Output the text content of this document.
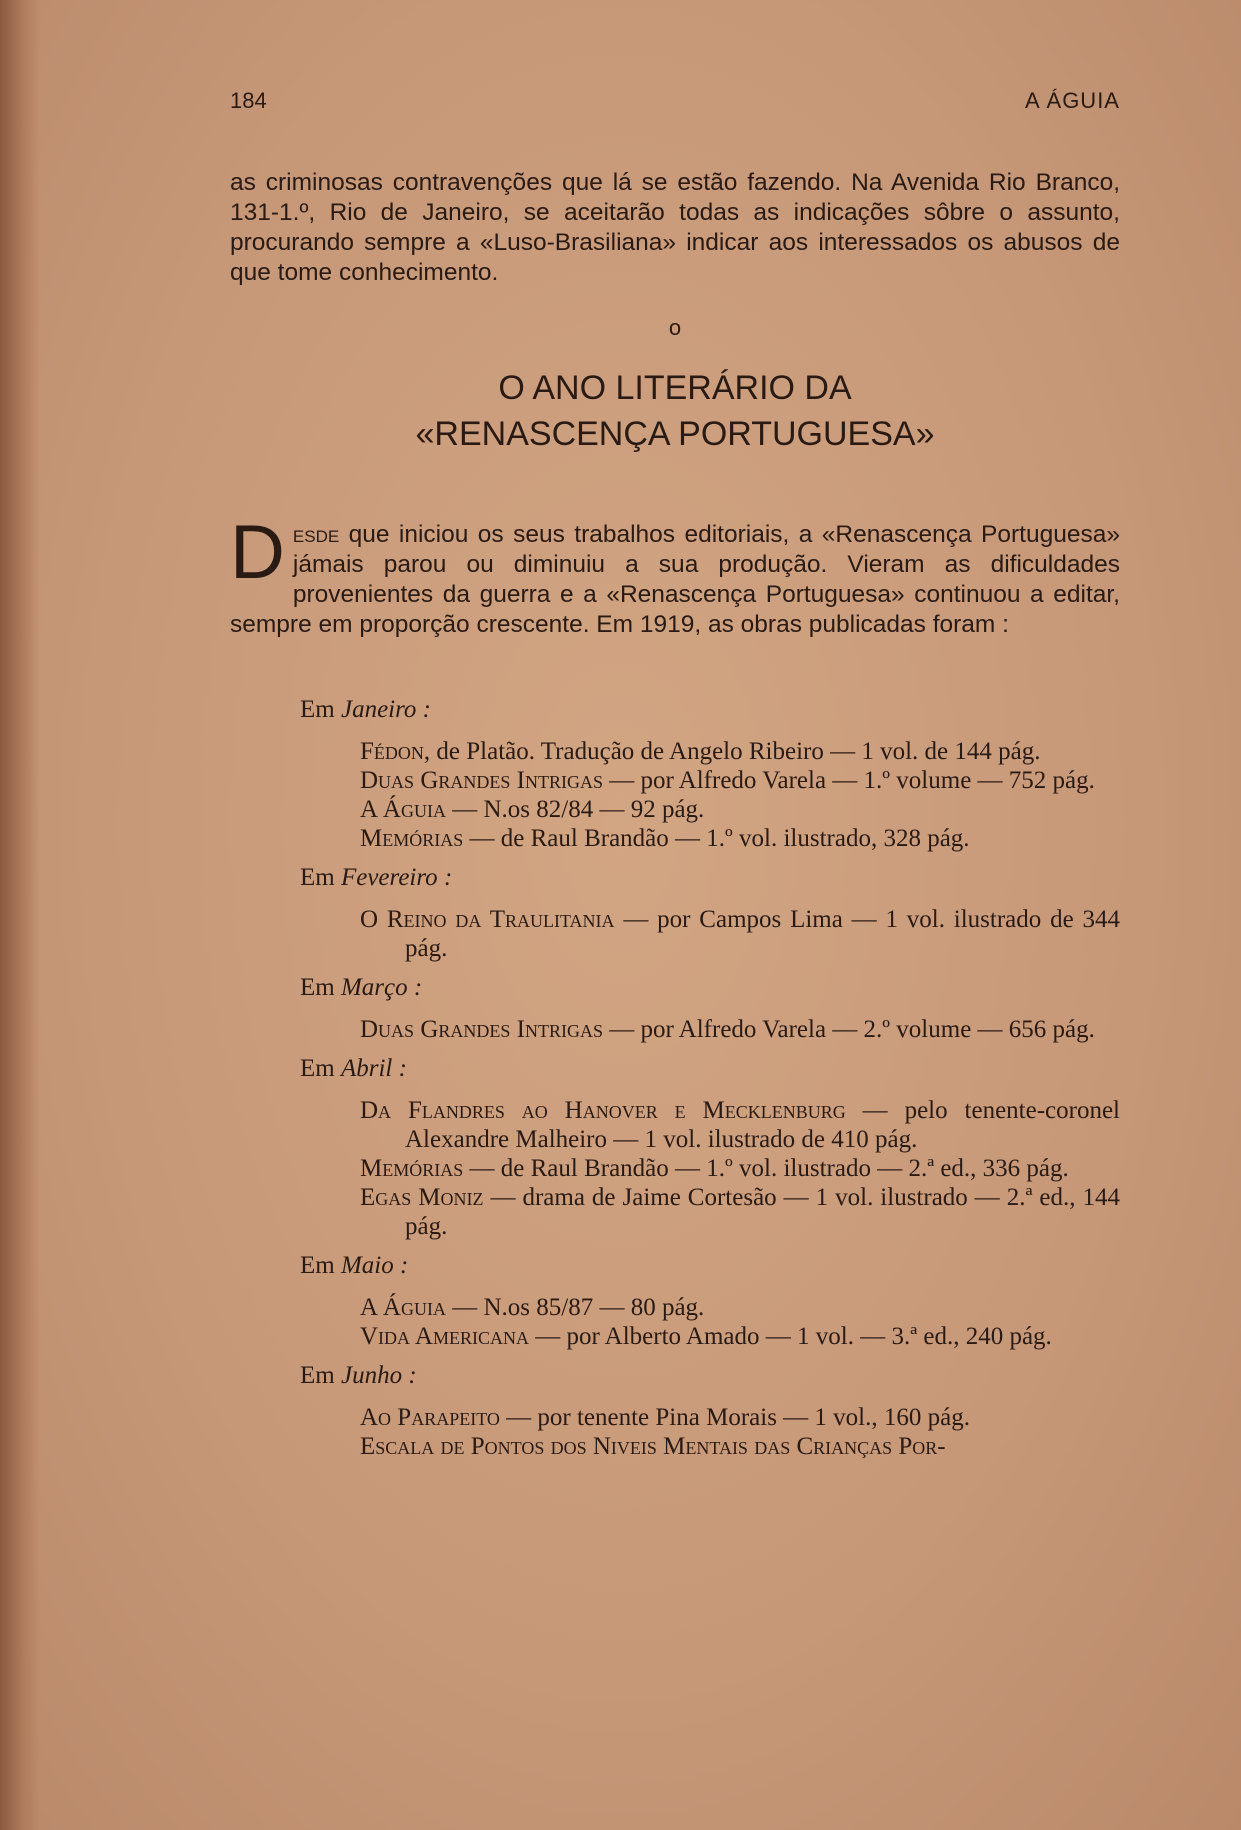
184	A ÁGUIA

as criminosas contravenções que lá se estão fazendo. Na Avenida Rio Branco, 131-1.º, Rio de Janeiro, se aceitarão todas as indicações sôbre o assunto, procurando sempre a «Luso-Brasiliana» indicar aos interessados os abusos de que tome conhecimento.

o
O ANO LITERÁRIO DA
«RENASCENÇA PORTUGUESA»

Desde que iniciou os seus trabalhos editoriais, a «Renascença Portuguesa» jámais parou ou diminuiu a sua produção. Vieram as dificuldades provenientes da guerra e a «Renascença Portuguesa» continuou a editar, sempre em proporção crescente. Em 1919, as obras publicadas foram :

Em Janeiro :

Fédon, de Platão. Tradução de Angelo Ribeiro — 1 vol. de 144 pág.

Duas Grandes Intrigas — por Alfredo Varela — 1.º volume — 752 pág.

A Águia — N.os 82/84 — 92 pág.

Memórias — de Raul Brandão — 1.º vol. ilustrado, 328 pág.

Em Fevereiro :

O Reino da Traulitania — por Campos Lima — 1 vol. ilustrado de 344 pág.

Em Março :

Duas Grandes Intrigas — por Alfredo Varela — 2.º volume — 656 pág.

Em Abril :

Da Flandres ao Hanover e Mecklenburg — pelo tenente-coronel Alexandre Malheiro — 1 vol. ilustrado de 410 pág.

Memórias — de Raul Brandão — 1.º vol. ilustrado — 2.ª ed., 336 pág.

Egas Moniz — drama de Jaime Cortesão — 1 vol. ilustrado — 2.ª ed., 144 pág.

Em Maio :

A Águia — N.os 85/87 — 80 pág.

Vida Americana — por Alberto Amado — 1 vol. — 3.ª ed., 240 pág.

Em Junho :

Ao Parapeito — por tenente Pina Morais — 1 vol., 160 pág.

Escala de Pontos dos Niveis Mentais das Crianças Por-
